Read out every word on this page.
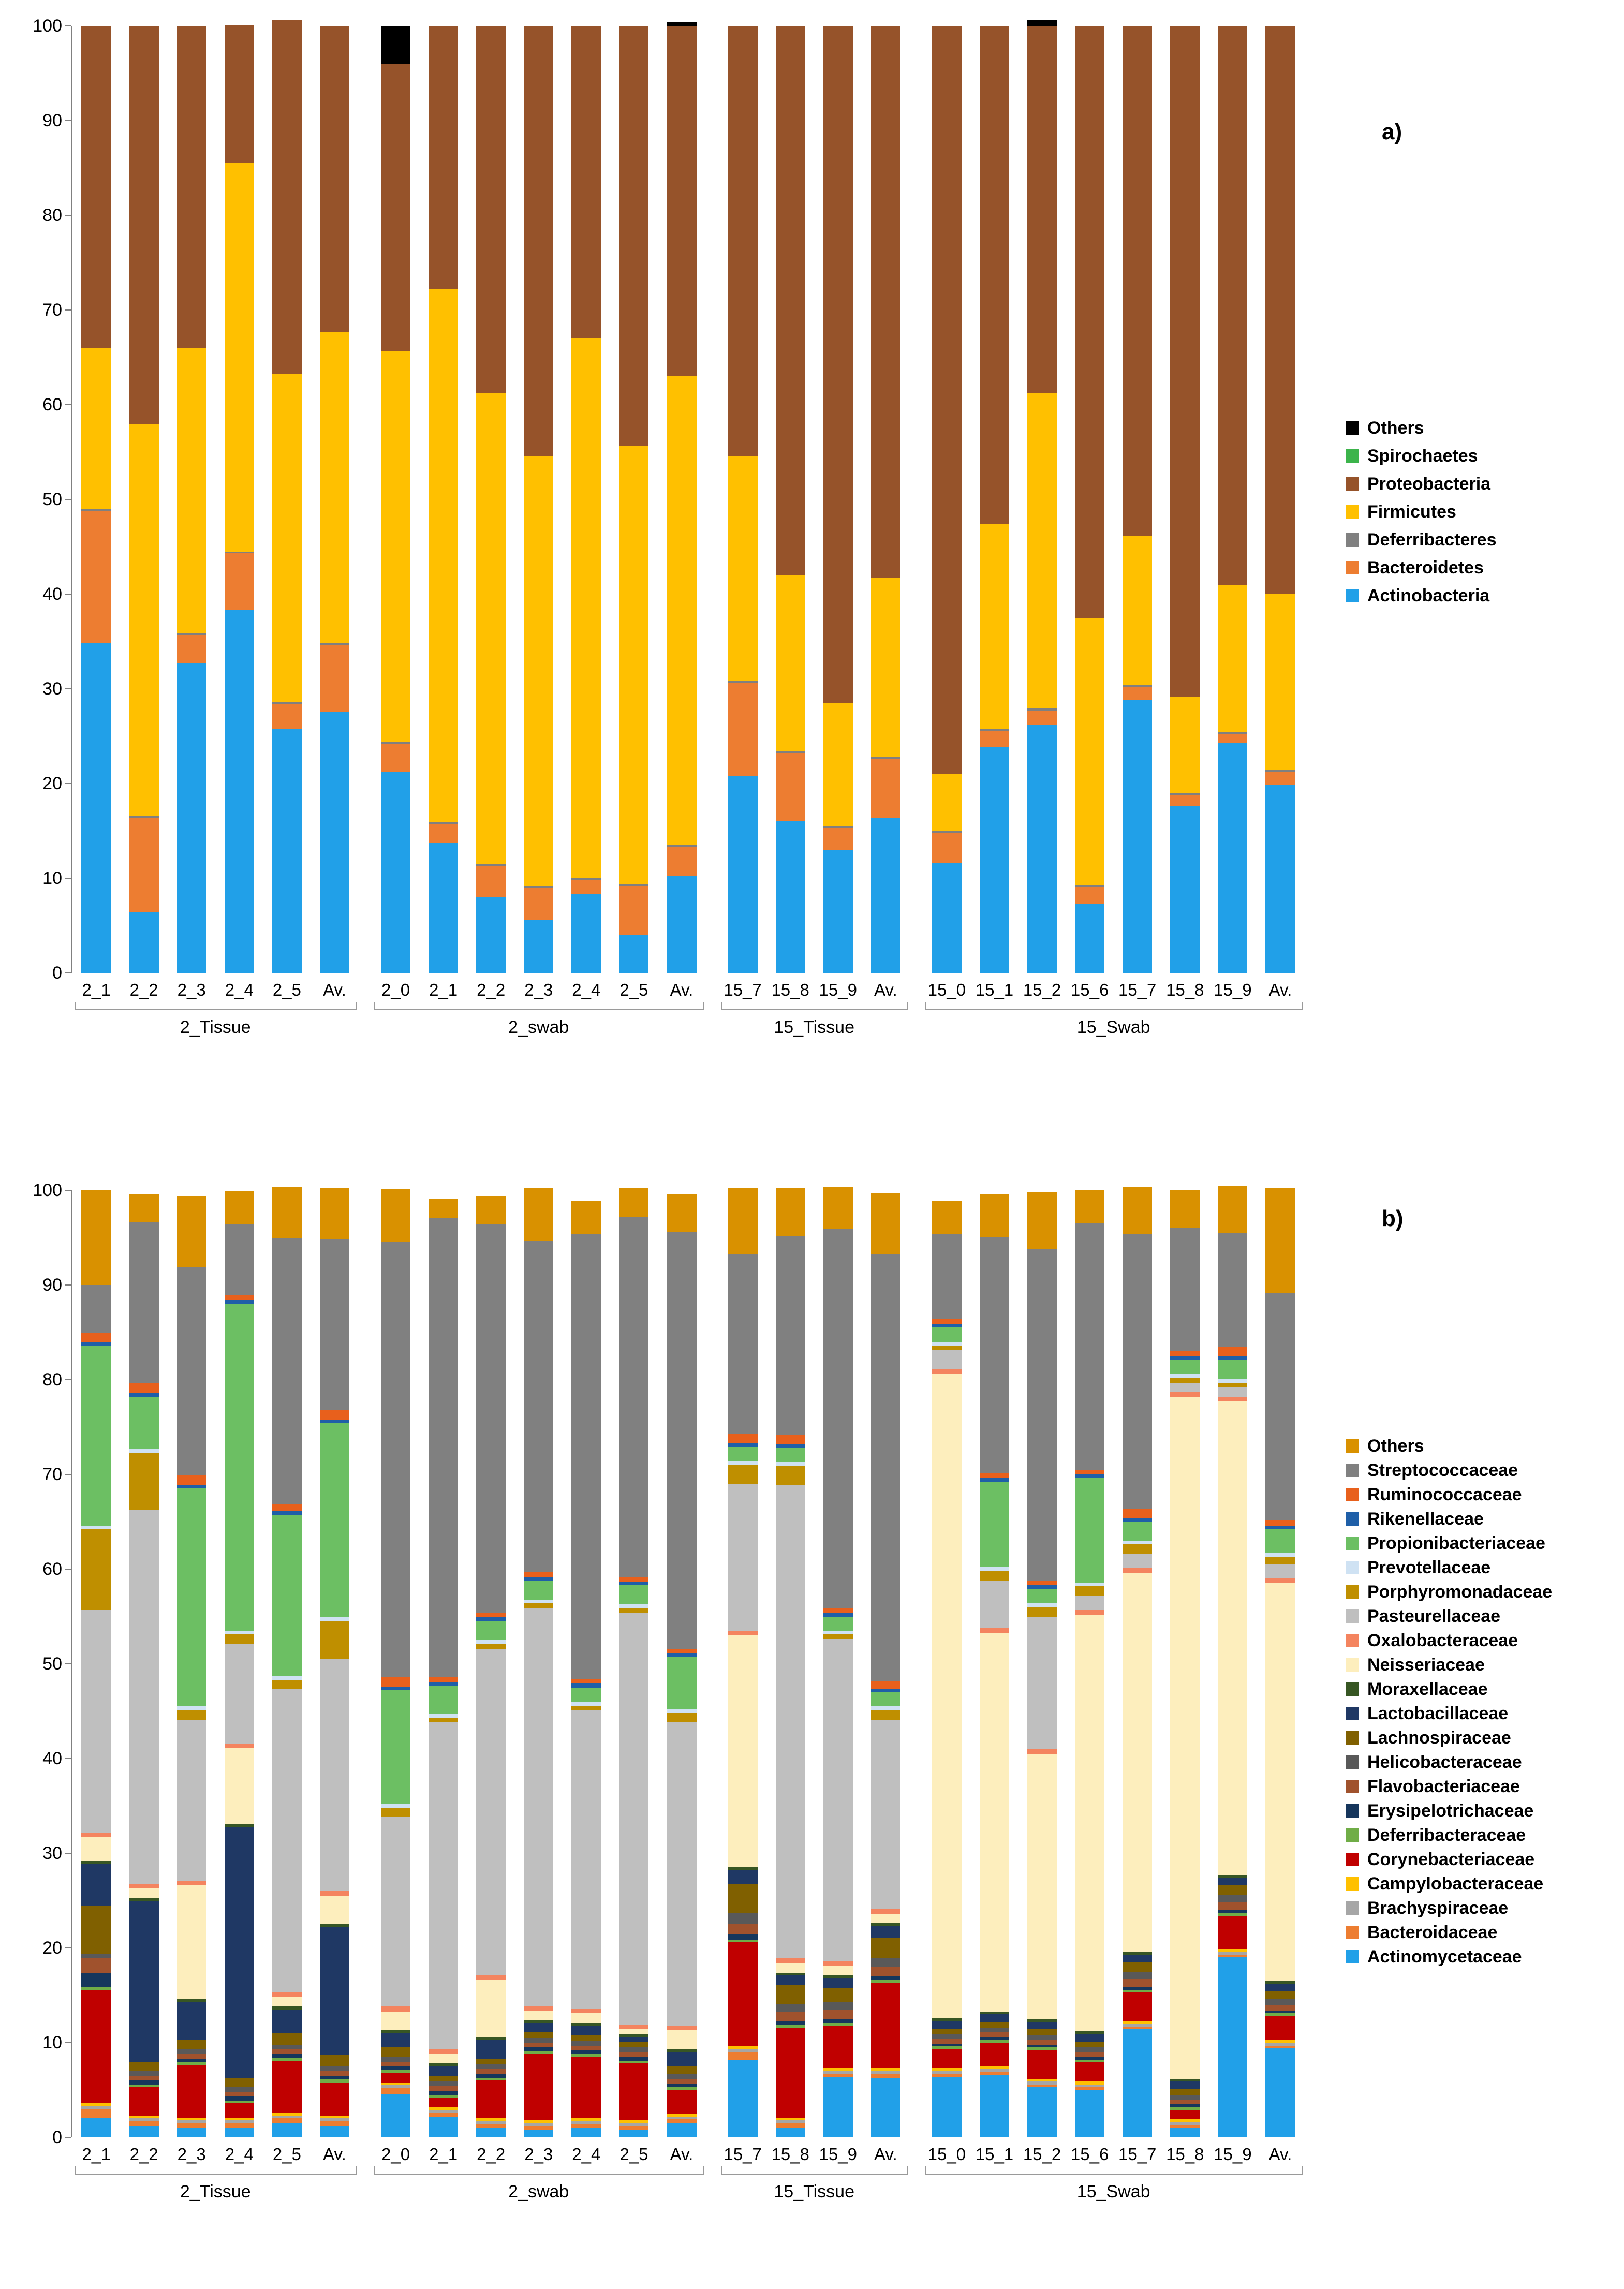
a)
0
10
20
30
40
50
60
70
80
90
100
2_1	2_2	2_3	2_4	2_5	Av.	2_0	2_1	2_2	2_3	2_4	2_5	Av.	15_7 15_8 15_9	Av.	15_0 15_1 15_2 15_6 15_7 15_8 15_9	Av.
2_Tissue	2_swab	15_Tissue	15_Swab
Others
Spirochaetes
Proteobacteria
Firmicutes
Deferribacteres
Bacteroidetes
Actinobacteria
b)
0
10
20
30
40
50
60
70
80
90
100
2_1	2_2	2_3	2_4	2_5	Av.	2_0	2_1	2_2	2_3	2_4	2_5	Av.	15_7 15_8 15_9	Av.	15_0 15_1 15_2 15_6 15_7 15_8 15_9	Av.
2_Tissue	2_swab	15_Tissue	15_Swab
Others
Streptococcaceae
Ruminococcaceae
Rikenellaceae
Propionibacteriaceae
Prevotellaceae
Porphyromonadaceae
Pasteurellaceae
Oxalobacteraceae
Neisseriaceae
Moraxellaceae
Lactobacillaceae
Lachnospiraceae
Helicobacteraceae
Flavobacteriaceae
Erysipelotrichaceae
Deferribacteraceae
Corynebacteriaceae
Campylobacteraceae
Brachyspiraceae
Bacteroidaceae
Actinomycetaceae
